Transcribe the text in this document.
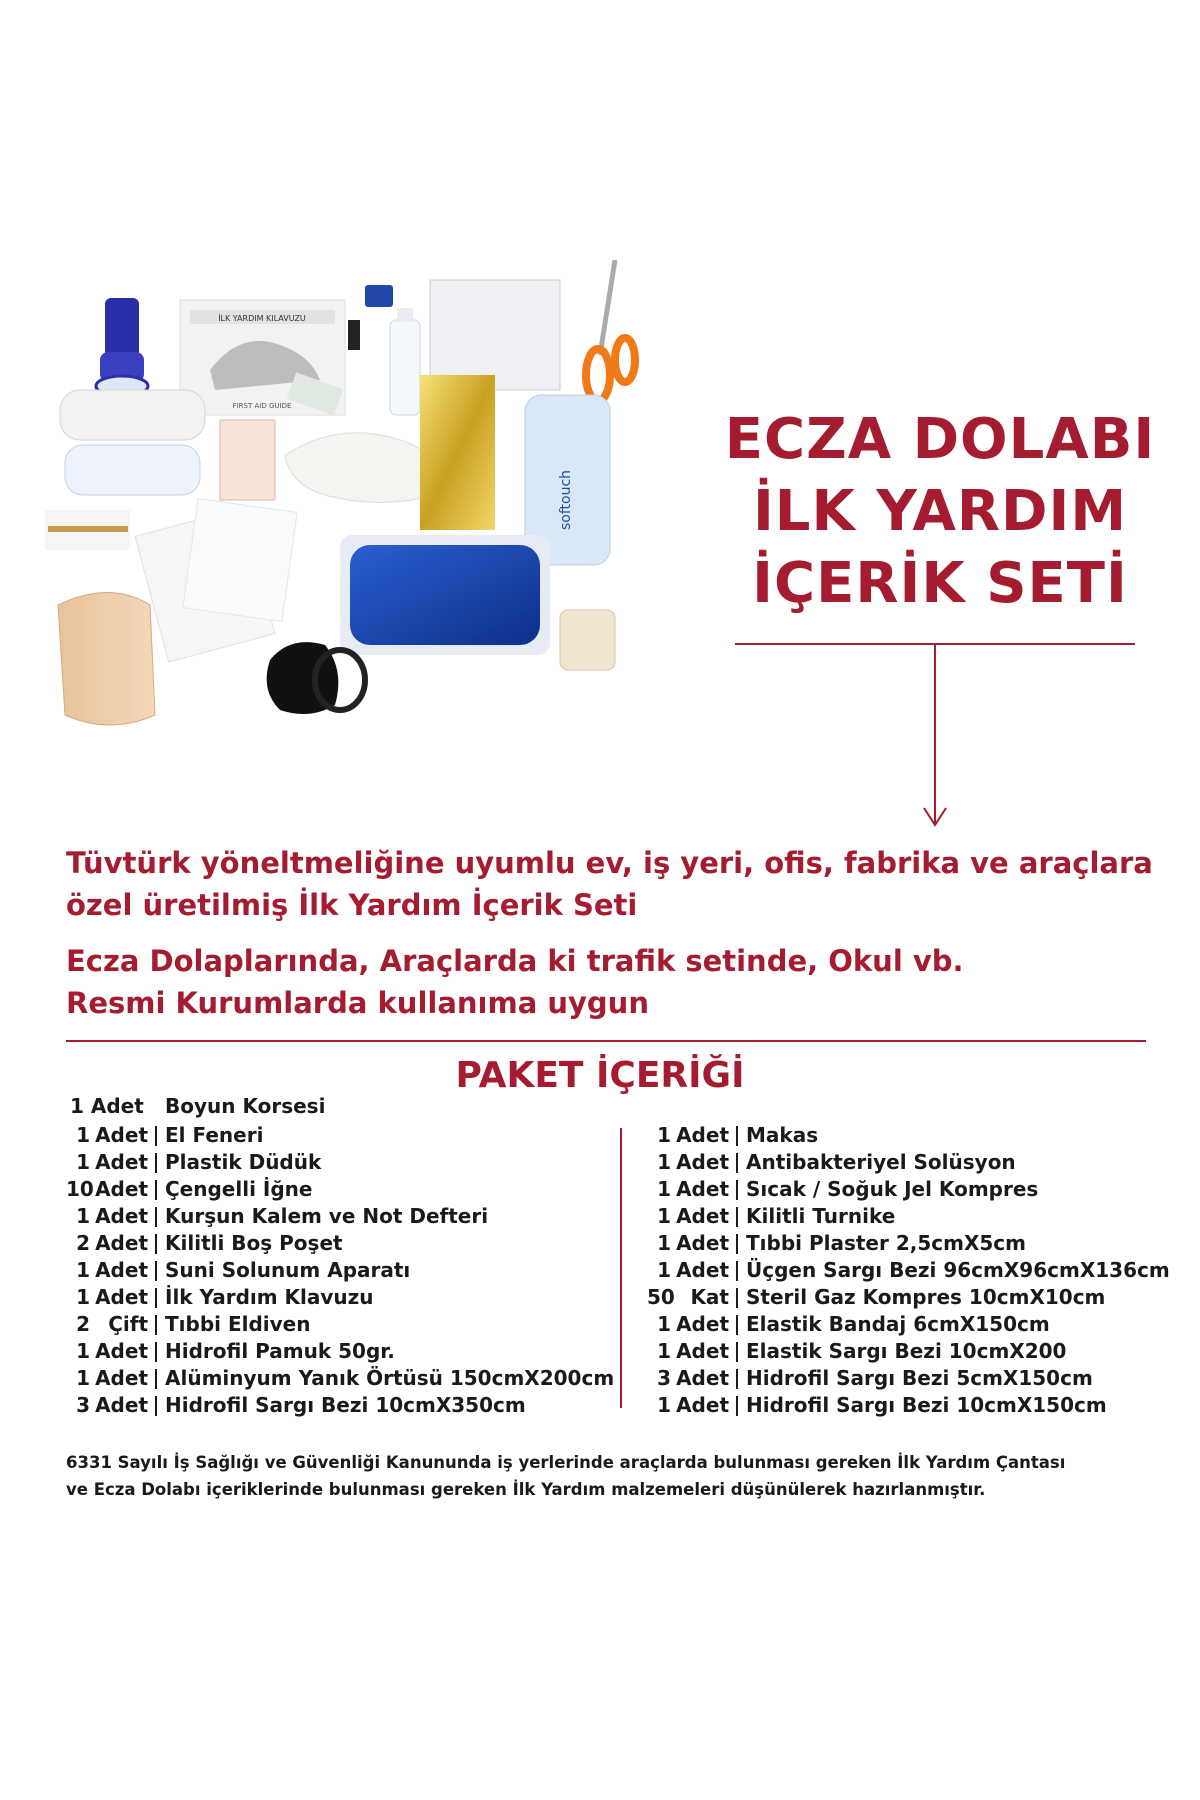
İLK YARDIM KILAVUZU
FIRST AID GUIDE
softouch
ECZA DOLABI
İLK YARDIM
İÇERİK SETİ
Tüvtürk yöneltmeliğine uyumlu ev, iş yeri, ofis, fabrika ve araçlara
özel üretilmiş İlk Yardım İçerik Seti
Ecza Dolaplarında, Araçlarda ki trafik setinde, Okul vb.
Resmi Kurumlarda kullanıma uygun
PAKET İÇERİĞİ
1 Adet Boyun Korsesi
1 Adet El Feneri
1 Adet Plastik Düdük
10 Adet Çengelli İğne
1 Adet Kurşun Kalem ve Not Defteri
2 Adet Kilitli Boş Poşet
1 Adet Suni Solunum Aparatı
1 Adet İlk Yardım Klavuzu
2 Çift Tıbbi Eldiven
1 Adet Hidrofil Pamuk 50gr.
1 Adet Alüminyum Yanık Örtüsü 150cmX200cm
3 Adet Hidrofil Sargı Bezi 10cmX350cm
1 Adet Makas
1 Adet Antibakteriyel Solüsyon
1 Adet Sıcak / Soğuk Jel Kompres
1 Adet Kilitli Turnike
1 Adet Tıbbi Plaster 2,5cmX5cm
1 Adet Üçgen Sargı Bezi 96cmX96cmX136cm
50 Kat Steril Gaz Kompres 10cmX10cm
1 Adet Elastik Bandaj 6cmX150cm
1 Adet Elastik Sargı Bezi 10cmX200
3 Adet Hidrofil Sargı Bezi 5cmX150cm
1 Adet Hidrofil Sargı Bezi 10cmX150cm
6331 Sayılı İş Sağlığı ve Güvenliği Kanununda iş yerlerinde araçlarda bulunması gereken İlk Yardım Çantası
ve Ecza Dolabı içeriklerinde bulunması gereken İlk Yardım malzemeleri düşünülerek hazırlanmıştır.
